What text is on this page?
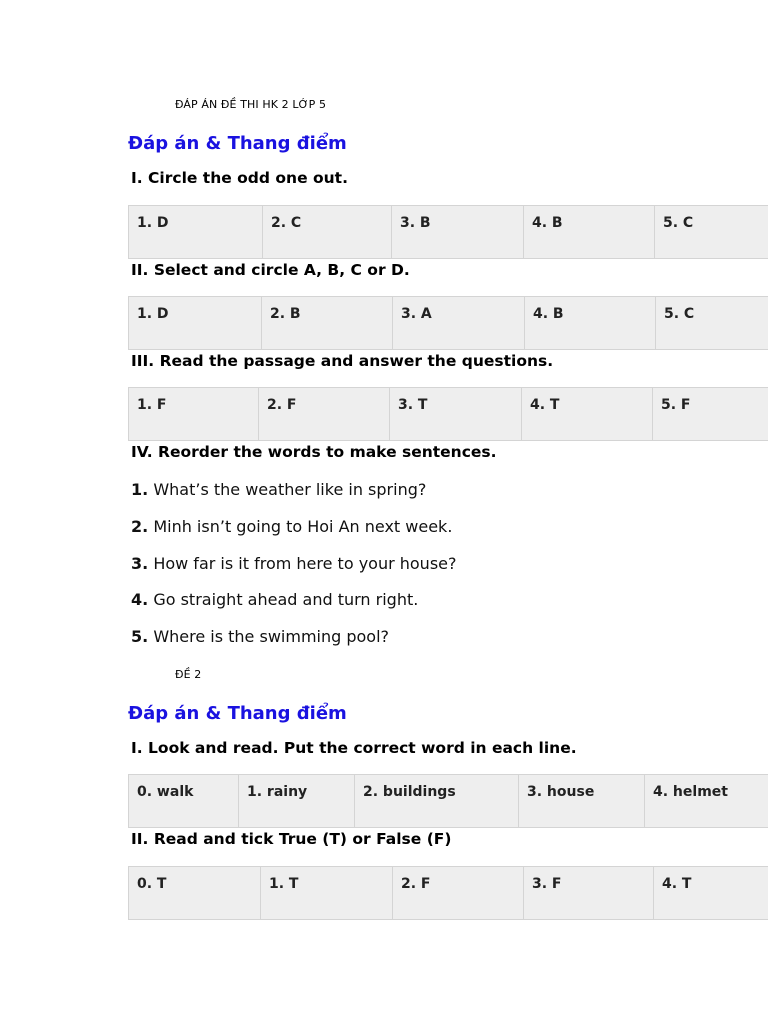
ĐÁP ÁN ĐỀ THI HK 2 LỚP 5
Đáp án & Thang điểm
I. Circle the odd one out.
1. D	2. C	3. B	4. B	5. C
II. Select and circle A, B, C or D.
1. D	2. B	3. A	4. B	5. C
III. Read the passage and answer the questions.
1. F	2. F	3. T	4. T	5. F
IV. Reorder the words to make sentences.
1. What’s the weather like in spring?
2. Minh isn’t going to Hoi An next week.
3. How far is it from here to your house?
4. Go straight ahead and turn right.
5. Where is the swimming pool?
ĐỀ 2
Đáp án & Thang điểm
I. Look and read. Put the correct word in each line.
0. walk	1. rainy	2. buildings	3. house	4. helmet
II. Read and tick True (T) or False (F)
0. T	1. T	2. F	3. F	4. T
